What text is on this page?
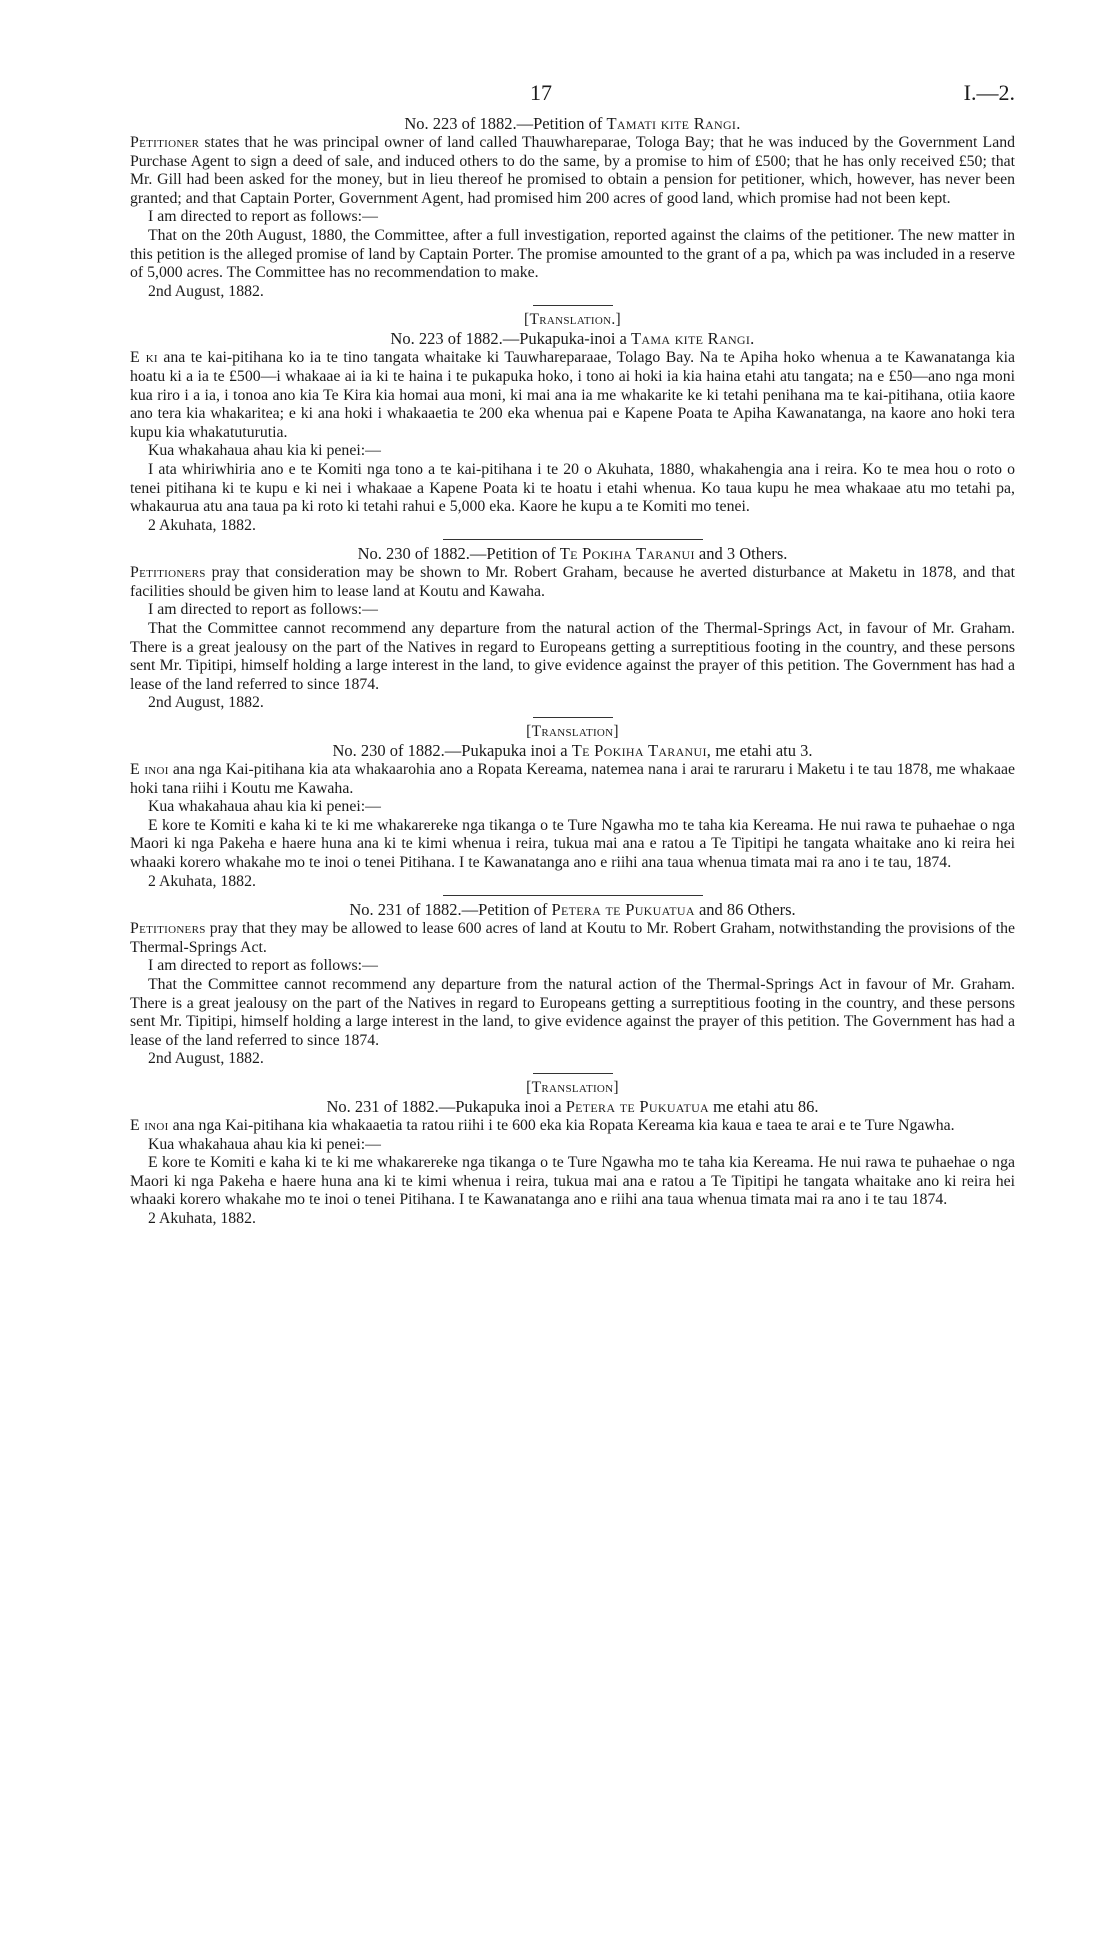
17	I.—2.

No. 223 of 1882.—Petition of Tamati kite Rangi.

Petitioner states that he was principal owner of land called Thauwhareparae, Tologa Bay; that he was induced by the Government Land Purchase Agent to sign a deed of sale, and induced others to do the same, by a promise to him of £500; that he has only received £50; that Mr. Gill had been asked for the money, but in lieu thereof he promised to obtain a pension for petitioner, which, however, has never been granted; and that Captain Porter, Government Agent, had promised him 200 acres of good land, which promise had not been kept.

I am directed to report as follows:—

That on the 20th August, 1880, the Committee, after a full investigation, reported against the claims of the petitioner. The new matter in this petition is the alleged promise of land by Captain Porter. The promise amounted to the grant of a pa, which pa was included in a reserve of 5,000 acres. The Committee has no recommendation to make.

2nd August, 1882.

[Translation.]

No. 223 of 1882.—Pukapuka-inoi a Tama kite Rangi.

E ki ana te kai-pitihana ko ia te tino tangata whaitake ki Tauwhareparaae, Tolago Bay. Na te Apiha hoko whenua a te Kawanatanga kia hoatu ki a ia te £500—i whakaae ai ia ki te haina i te pukapuka hoko, i tono ai hoki ia kia haina etahi atu tangata; na e £50—ano nga moni kua riro i a ia, i tonoa ano kia Te Kira kia homai aua moni, ki mai ana ia me whakarite ke ki tetahi penihana ma te kai-pitihana, otiia kaore ano tera kia whakaritea; e ki ana hoki i whakaaetia te 200 eka whenua pai e Kapene Poata te Apiha Kawanatanga, na kaore ano hoki tera kupu kia whakatuturutia.

Kua whakahaua ahau kia ki penei:—

I ata whiriwhiria ano e te Komiti nga tono a te kai-pitihana i te 20 o Akuhata, 1880, whakahengia ana i reira. Ko te mea hou o roto o tenei pitihana ki te kupu e ki nei i whakaae a Kapene Poata ki te hoatu i etahi whenua. Ko taua kupu he mea whakaae atu mo tetahi pa, whakaurua atu ana taua pa ki roto ki tetahi rahui e 5,000 eka. Kaore he kupu a te Komiti mo tenei.

2 Akuhata, 1882.

No. 230 of 1882.—Petition of Te Pokiha Taranui and 3 Others.

Petitioners pray that consideration may be shown to Mr. Robert Graham, because he averted disturbance at Maketu in 1878, and that facilities should be given him to lease land at Koutu and Kawaha.

I am directed to report as follows:—

That the Committee cannot recommend any departure from the natural action of the Thermal-Springs Act, in favour of Mr. Graham. There is a great jealousy on the part of the Natives in regard to Europeans getting a surreptitious footing in the country, and these persons sent Mr. Tipitipi, himself holding a large interest in the land, to give evidence against the prayer of this petition. The Government has had a lease of the land referred to since 1874.

2nd August, 1882.

[Translation]

No. 230 of 1882.—Pukapuka inoi a Te Pokiha Taranui, me etahi atu 3.

E inoi ana nga Kai-pitihana kia ata whakaarohia ano a Ropata Kereama, natemea nana i arai te raruraru i Maketu i te tau 1878, me whakaae hoki tana riihi i Koutu me Kawaha.

Kua whakahaua ahau kia ki penei:—

E kore te Komiti e kaha ki te ki me whakarereke nga tikanga o te Ture Ngawha mo te taha kia Kereama. He nui rawa te puhaehae o nga Maori ki nga Pakeha e haere huna ana ki te kimi whenua i reira, tukua mai ana e ratou a Te Tipitipi he tangata whaitake ano ki reira hei whaaki korero whakahe mo te inoi o tenei Pitihana. I te Kawanatanga ano e riihi ana taua whenua timata mai ra ano i te tau, 1874.

2 Akuhata, 1882.

No. 231 of 1882.—Petition of Petera te Pukuatua and 86 Others.

Petitioners pray that they may be allowed to lease 600 acres of land at Koutu to Mr. Robert Graham, notwithstanding the provisions of the Thermal-Springs Act.

I am directed to report as follows:—

That the Committee cannot recommend any departure from the natural action of the Thermal-Springs Act in favour of Mr. Graham. There is a great jealousy on the part of the Natives in regard to Europeans getting a surreptitious footing in the country, and these persons sent Mr. Tipitipi, himself holding a large interest in the land, to give evidence against the prayer of this petition. The Government has had a lease of the land referred to since 1874.

2nd August, 1882.

[Translation]

No. 231 of 1882.—Pukapuka inoi a Petera te Pukuatua me etahi atu 86.

E inoi ana nga Kai-pitihana kia whakaaetia ta ratou riihi i te 600 eka kia Ropata Kereama kia kaua e taea te arai e te Ture Ngawha.

Kua whakahaua ahau kia ki penei:—

E kore te Komiti e kaha ki te ki me whakarereke nga tikanga o te Ture Ngawha mo te taha kia Kereama. He nui rawa te puhaehae o nga Maori ki nga Pakeha e haere huna ana ki te kimi whenua i reira, tukua mai ana e ratou a Te Tipitipi he tangata whaitake ano ki reira hei whaaki korero whakahe mo te inoi o tenei Pitihana. I te Kawanatanga ano e riihi ana taua whenua timata mai ra ano i te tau 1874.

2 Akuhata, 1882.
